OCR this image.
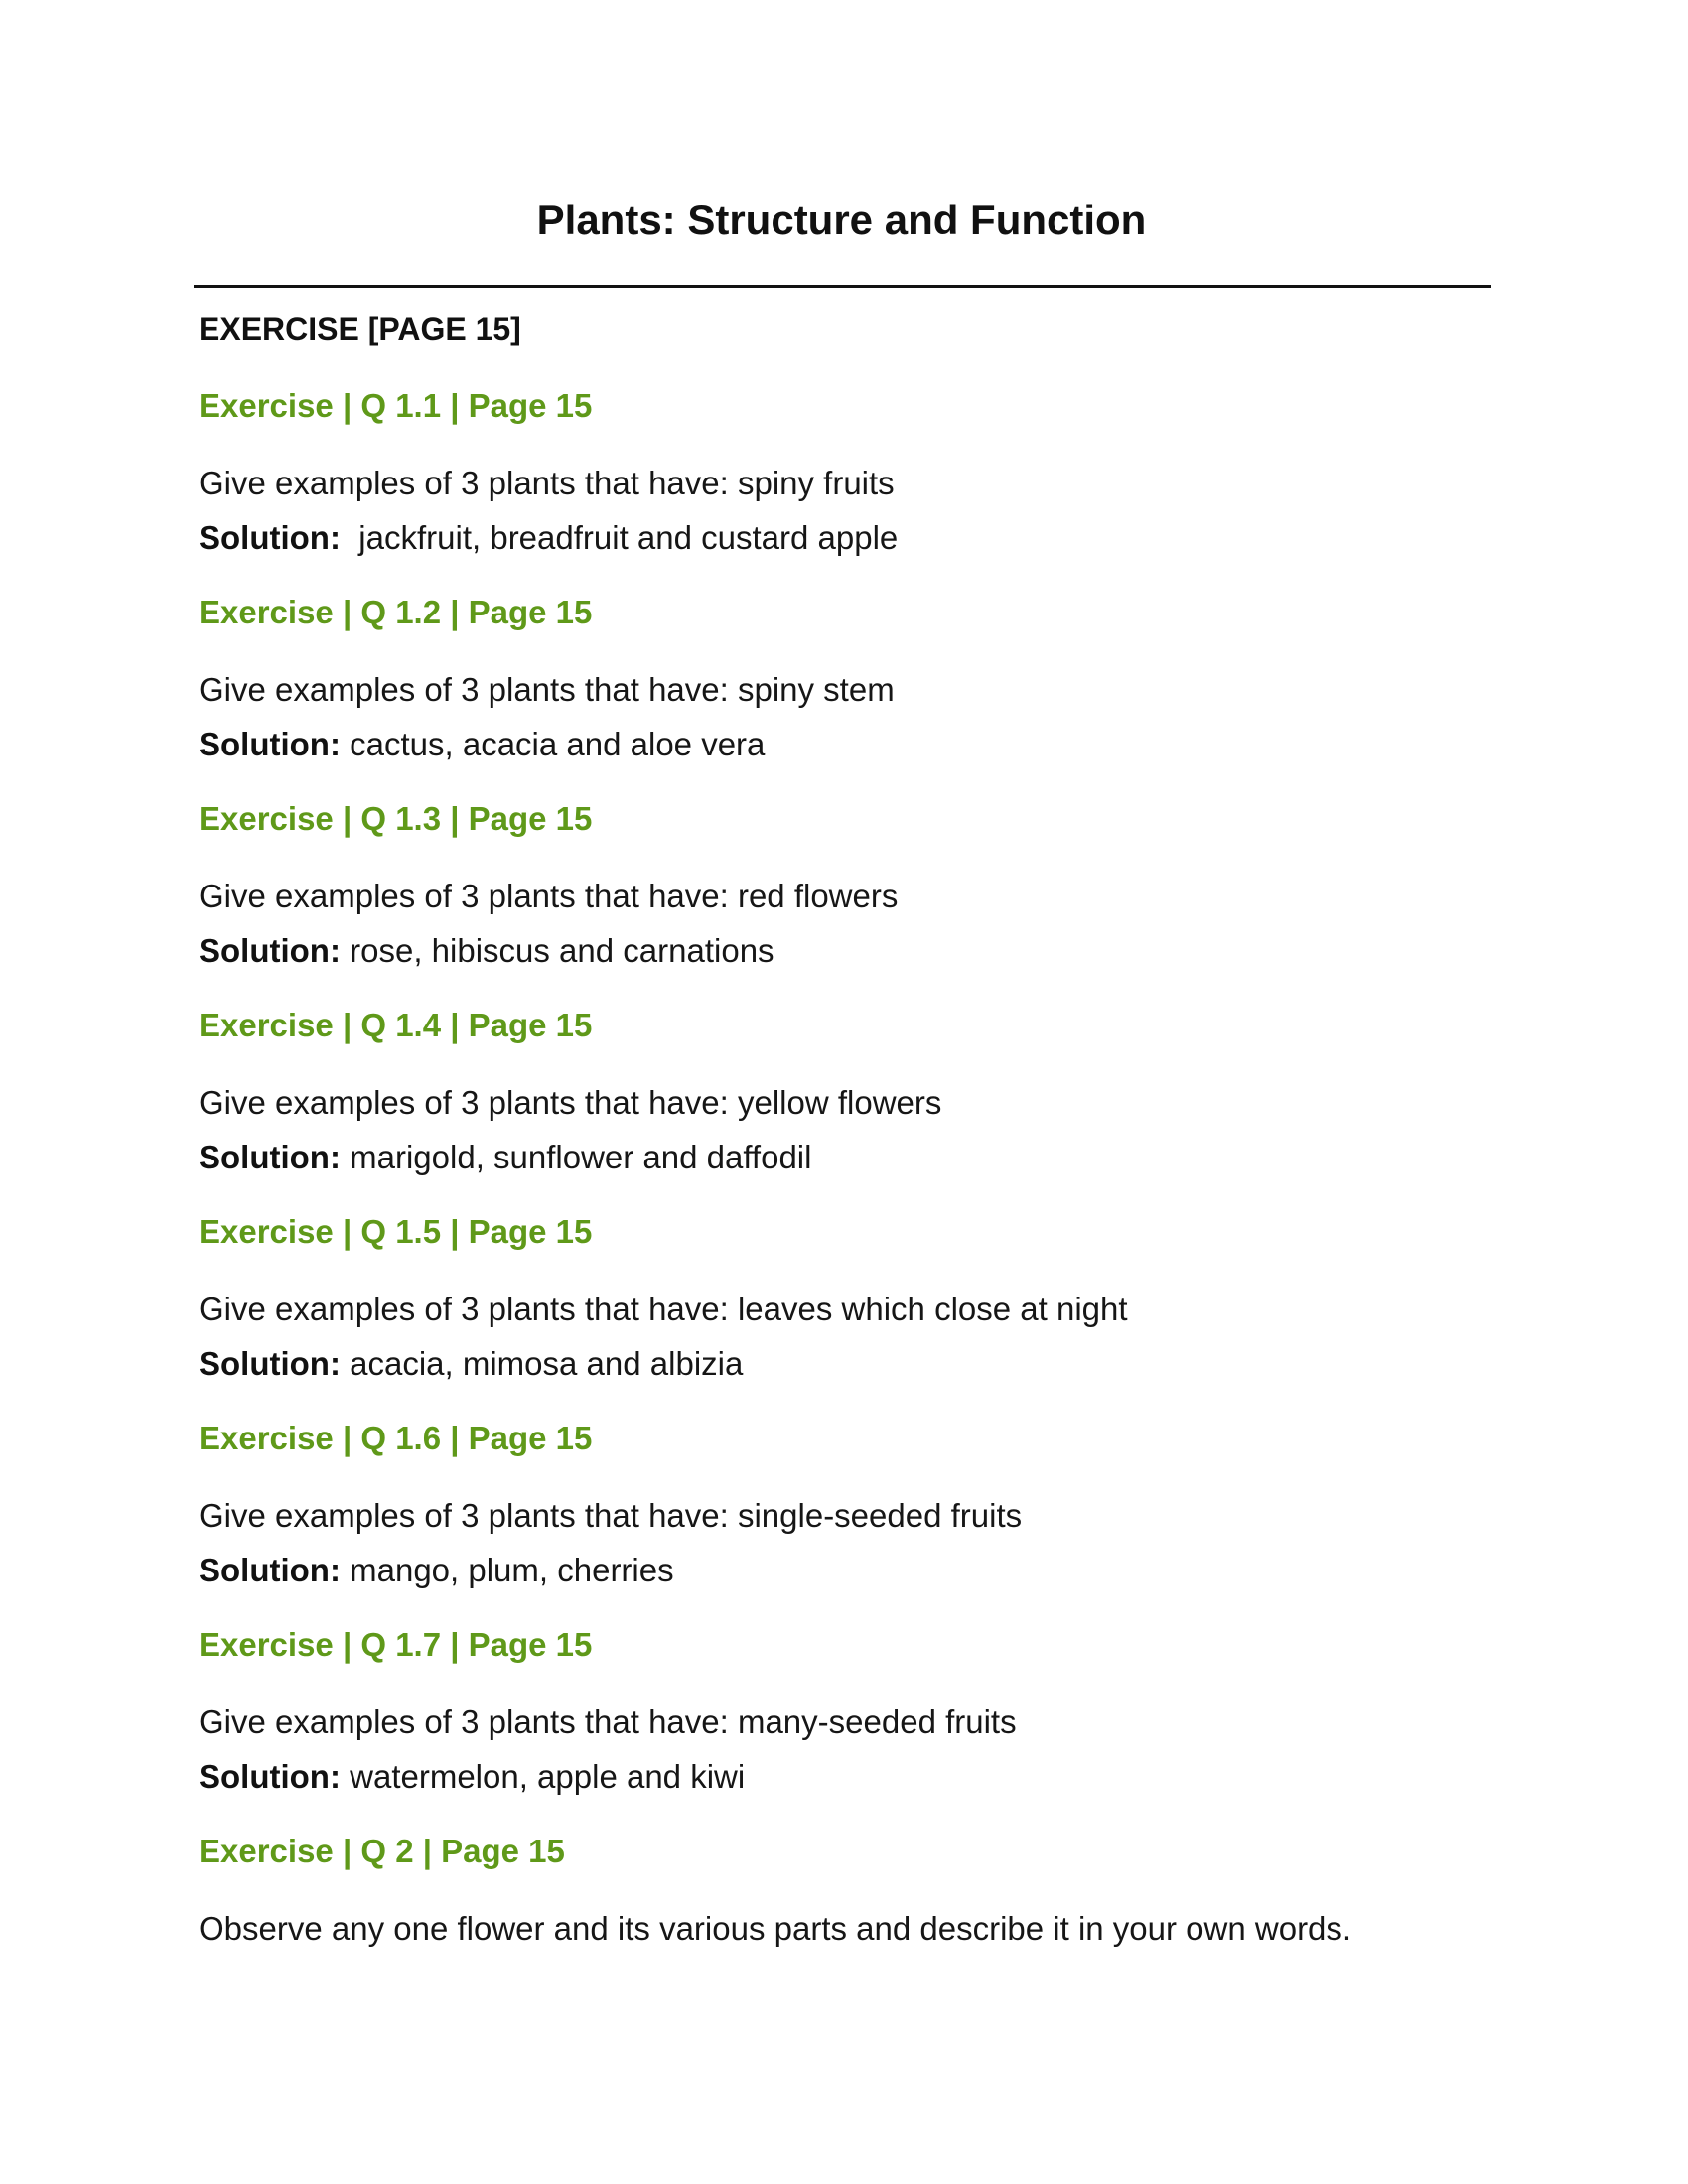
Plants: Structure and Function
EXERCISE [PAGE 15]
Exercise | Q 1.1 | Page 15
Give examples of 3 plants that have: spiny fruits
Solution:  jackfruit, breadfruit and custard apple
Exercise | Q 1.2 | Page 15
Give examples of 3 plants that have: spiny stem
Solution: cactus, acacia and aloe vera
Exercise | Q 1.3 | Page 15
Give examples of 3 plants that have: red flowers
Solution: rose, hibiscus and carnations
Exercise | Q 1.4 | Page 15
Give examples of 3 plants that have: yellow flowers
Solution: marigold, sunflower and daffodil
Exercise | Q 1.5 | Page 15
Give examples of 3 plants that have: leaves which close at night
Solution: acacia, mimosa and albizia
Exercise | Q 1.6 | Page 15
Give examples of 3 plants that have: single-seeded fruits
Solution: mango, plum, cherries
Exercise | Q 1.7 | Page 15
Give examples of 3 plants that have: many-seeded fruits
Solution: watermelon, apple and kiwi
Exercise | Q 2 | Page 15
Observe any one flower and its various parts and describe it in your own words.
